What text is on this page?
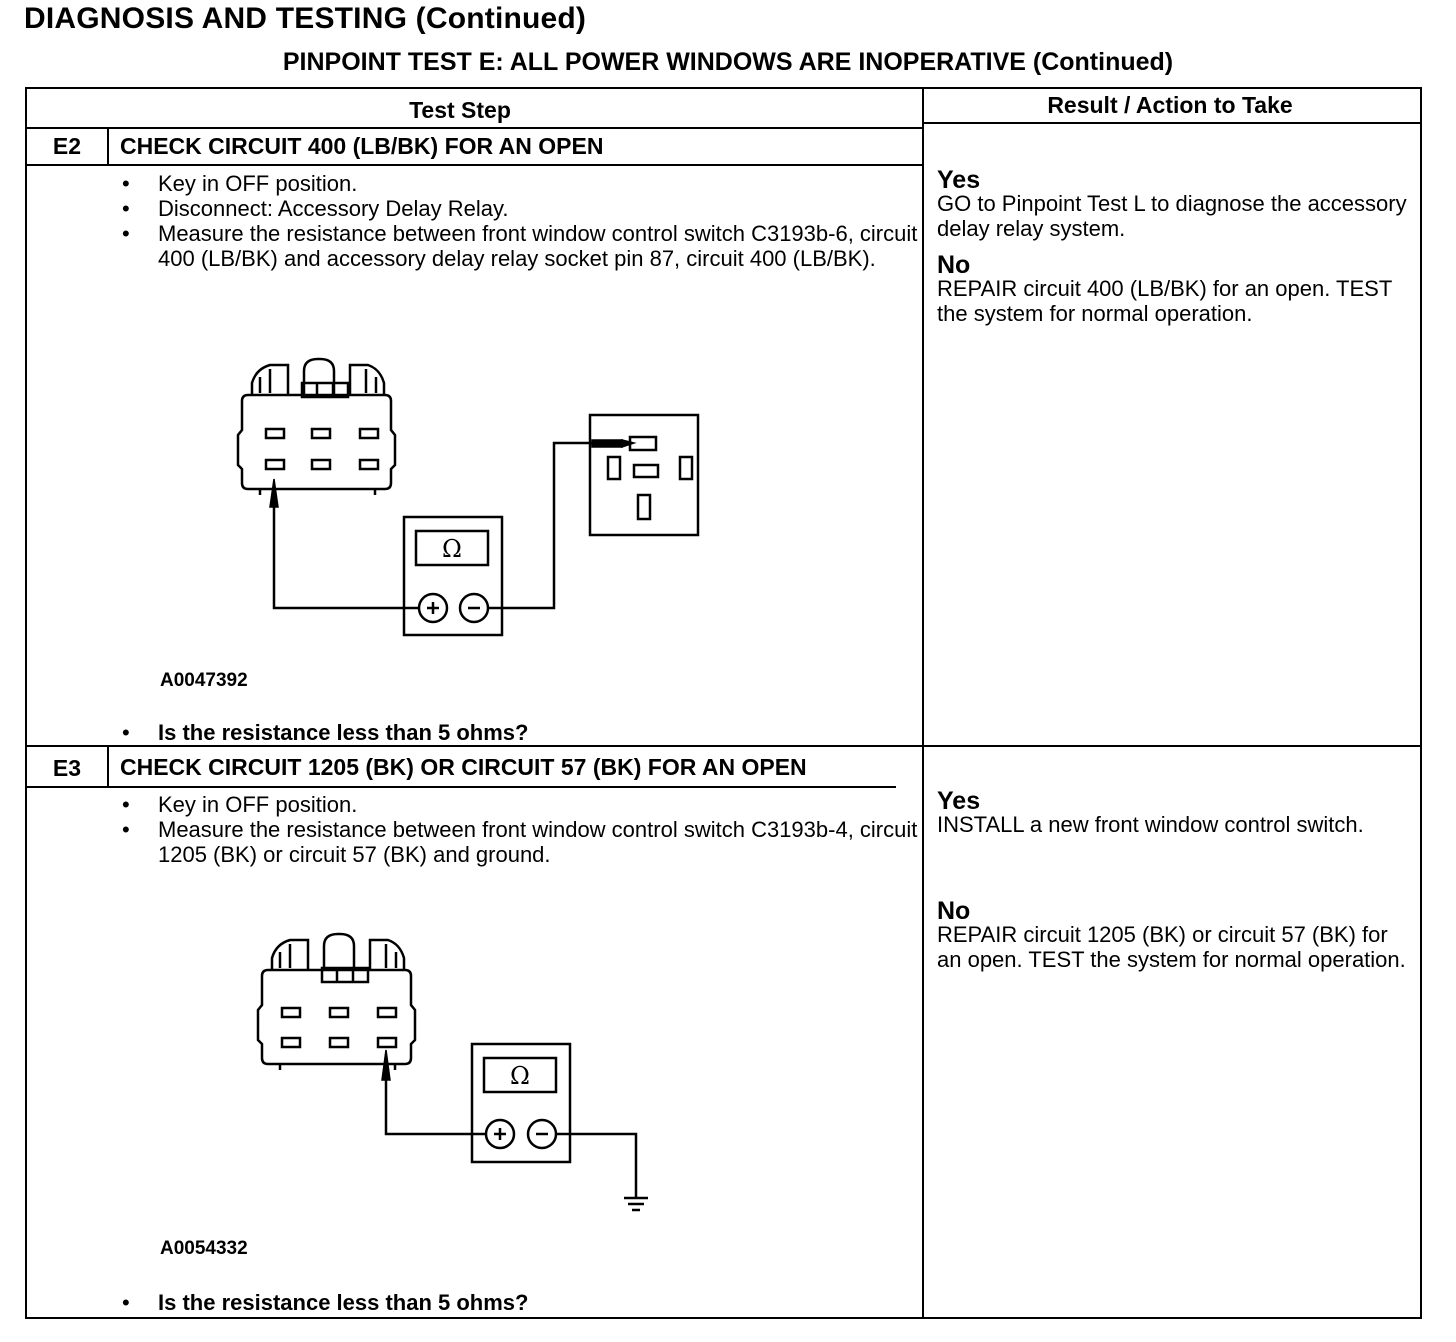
DIAGNOSIS AND TESTING (Continued)
PINPOINT TEST E: ALL POWER WINDOWS ARE INOPERATIVE (Continued)
Test Step	Result / Action to Take
E2	CHECK CIRCUIT 400 (LB/BK) FOR AN OPEN
• Key in OFF position.
• Disconnect: Accessory Delay Relay.
• Measure the resistance between front window control switch C3193b-6, circuit 400 (LB/BK) and accessory delay relay socket pin 87, circuit 400 (LB/BK).
Ω
A0047392
• Is the resistance less than 5 ohms?
Yes
GO to Pinpoint Test L to diagnose the accessory delay relay system.
No
REPAIR circuit 400 (LB/BK) for an open. TEST the system for normal operation.
E3	CHECK CIRCUIT 1205 (BK) OR CIRCUIT 57 (BK) FOR AN OPEN
• Key in OFF position.
• Measure the resistance between front window control switch C3193b-4, circuit 1205 (BK) or circuit 57 (BK) and ground.
Ω
A0054332
• Is the resistance less than 5 ohms?
Yes
INSTALL a new front window control switch.
No
REPAIR circuit 1205 (BK) or circuit 57 (BK) for an open. TEST the system for normal operation.
